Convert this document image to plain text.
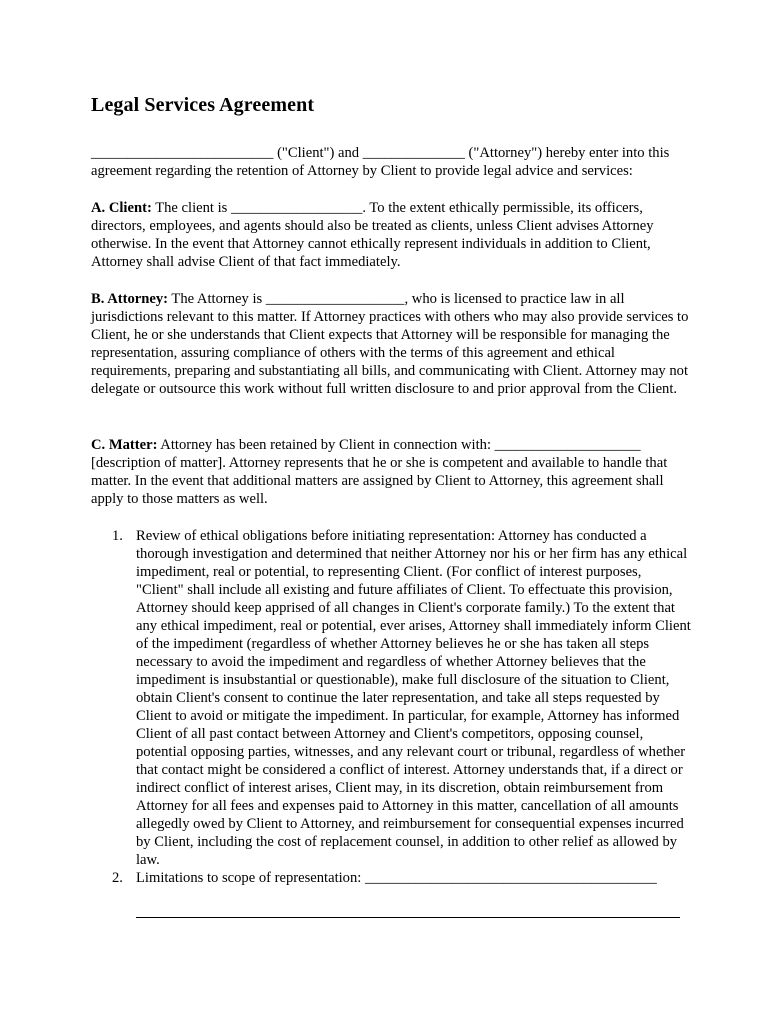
Legal Services Agreement

_________________________ ("Client") and ______________ ("Attorney") hereby enter into this agreement regarding the retention of Attorney by Client to provide legal advice and services:

A. Client: The client is __________________. To the extent ethically permissible, its officers, directors, employees, and agents should also be treated as clients, unless Client advises Attorney otherwise. In the event that Attorney cannot ethically represent individuals in addition to Client, Attorney shall advise Client of that fact immediately.

B. Attorney: The Attorney is ___________________, who is licensed to practice law in all jurisdictions relevant to this matter. If Attorney practices with others who may also provide services to Client, he or she understands that Client expects that Attorney will be responsible for managing the representation, assuring compliance of others with the terms of this agreement and ethical requirements, preparing and substantiating all bills, and communicating with Client. Attorney may not delegate or outsource this work without full written disclosure to and prior approval from the Client.

C. Matter: Attorney has been retained by Client in connection with: ____________________ [description of matter]. Attorney represents that he or she is competent and available to handle that matter. In the event that additional matters are assigned by Client to Attorney, this agreement shall apply to those matters as well.

1. Review of ethical obligations before initiating representation: Attorney has conducted a thorough investigation and determined that neither Attorney nor his or her firm has any ethical impediment, real or potential, to representing Client. (For conflict of interest purposes, "Client" shall include all existing and future affiliates of Client. To effectuate this provision, Attorney should keep apprised of all changes in Client's corporate family.) To the extent that any ethical impediment, real or potential, ever arises, Attorney shall immediately inform Client of the impediment (regardless of whether Attorney believes he or she has taken all steps necessary to avoid the impediment and regardless of whether Attorney believes that the impediment is insubstantial or questionable), make full disclosure of the situation to Client, obtain Client's consent to continue the later representation, and take all steps requested by Client to avoid or mitigate the impediment. In particular, for example, Attorney has informed Client of all past contact between Attorney and Client's competitors, opposing counsel, potential opposing parties, witnesses, and any relevant court or tribunal, regardless of whether that contact might be considered a conflict of interest. Attorney understands that, if a direct or indirect conflict of interest arises, Client may, in its discretion, obtain reimbursement from Attorney for all fees and expenses paid to Attorney in this matter, cancellation of all amounts allegedly owed by Client to Attorney, and reimbursement for consequential expenses incurred by Client, including the cost of replacement counsel, in addition to other relief as allowed by law.
2. Limitations to scope of representation: ________________________________________
